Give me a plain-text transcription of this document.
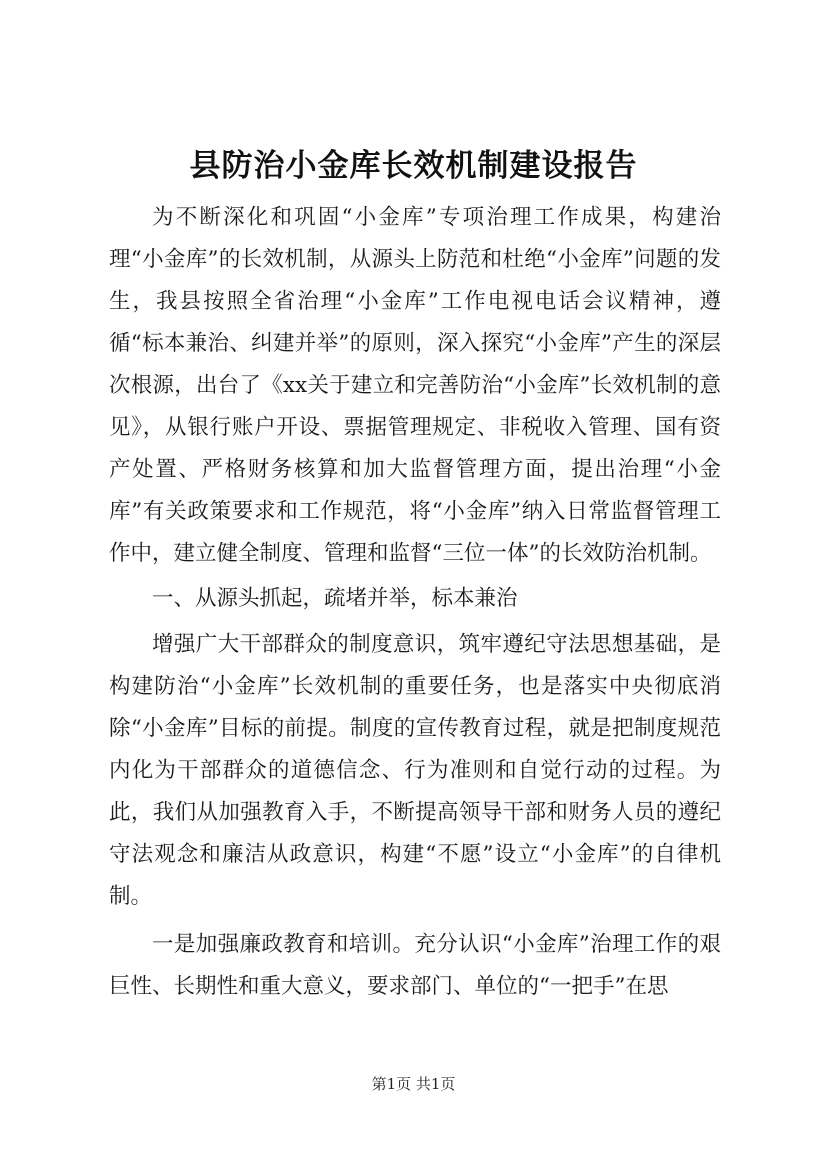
县防治小金库长效机制建设报告

为不断深化和巩固“小金库”专项治理工作成果，构建治理“小金库”的长效机制，从源头上防范和杜绝“小金库”问题的发生，我县按照全省治理“小金库”工作电视电话会议精神，遵循“标本兼治、纠建并举”的原则，深入探究“小金库”产生的深层次根源，出台了《xx关于建立和完善防治“小金库”长效机制的意见》，从银行账户开设、票据管理规定、非税收入管理、国有资产处置、严格财务核算和加大监督管理方面，提出治理“小金库”有关政策要求和工作规范，将“小金库”纳入日常监督管理工作中，建立健全制度、管理和监督“三位一体”的长效防治机制。

一、从源头抓起，疏堵并举，标本兼治

增强广大干部群众的制度意识，筑牢遵纪守法思想基础，是构建防治“小金库”长效机制的重要任务，也是落实中央彻底消除“小金库”目标的前提。制度的宣传教育过程，就是把制度规范内化为干部群众的道德信念、行为准则和自觉行动的过程。为此，我们从加强教育入手，不断提高领导干部和财务人员的遵纪守法观念和廉洁从政意识，构建“不愿”设立“小金库”的自律机制。

一是加强廉政教育和培训。充分认识“小金库”治理工作的艰巨性、长期性和重大意义，要求部门、单位的“一把手”在思

第1页 共1页
